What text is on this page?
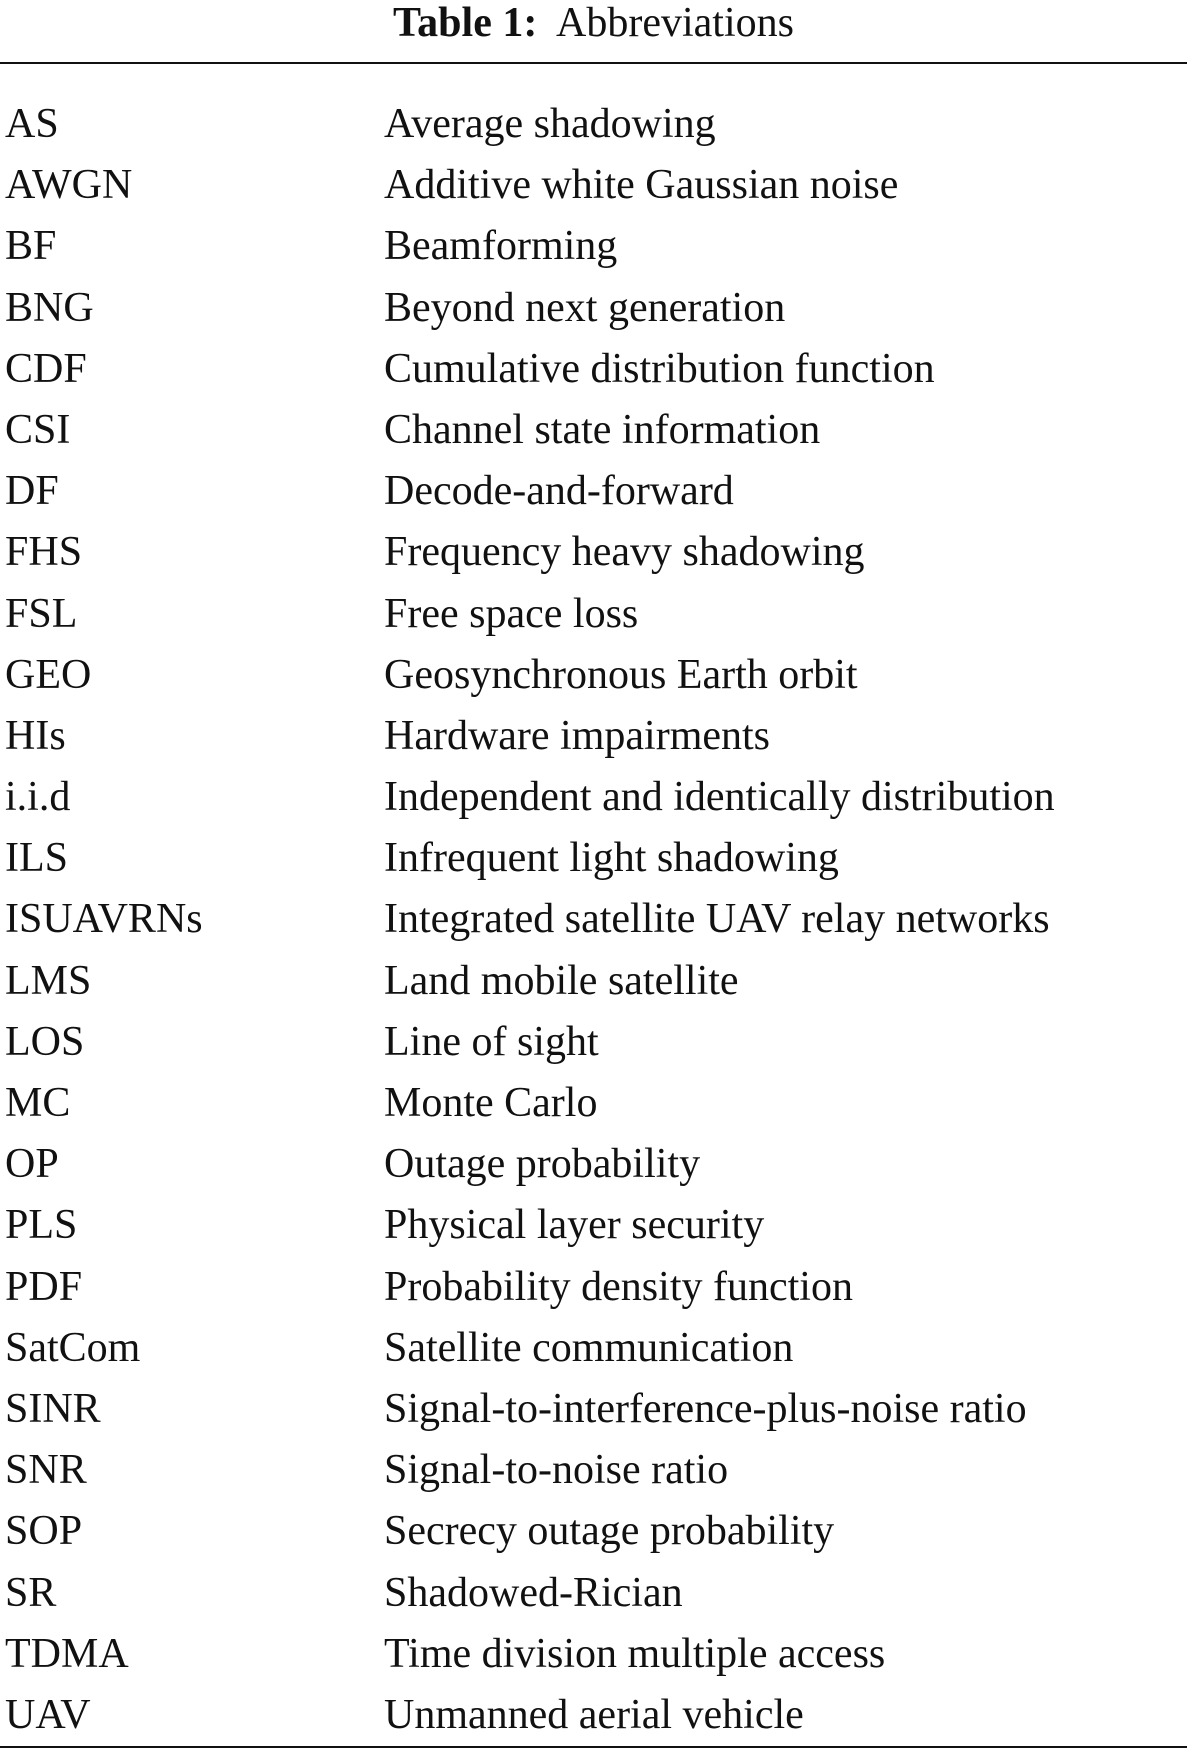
Table 1: Abbreviations
AS	Average shadowing
AWGN	Additive white Gaussian noise
BF	Beamforming
BNG	Beyond next generation
CDF	Cumulative distribution function
CSI	Channel state information
DF	Decode-and-forward
FHS	Frequency heavy shadowing
FSL	Free space loss
GEO	Geosynchronous Earth orbit
HIs	Hardware impairments
i.i.d	Independent and identically distribution
ILS	Infrequent light shadowing
ISUAVRNs	Integrated satellite UAV relay networks
LMS	Land mobile satellite
LOS	Line of sight
MC	Monte Carlo
OP	Outage probability
PLS	Physical layer security
PDF	Probability density function
SatCom	Satellite communication
SINR	Signal-to-interference-plus-noise ratio
SNR	Signal-to-noise ratio
SOP	Secrecy outage probability
SR	Shadowed-Rician
TDMA	Time division multiple access
UAV	Unmanned aerial vehicle
